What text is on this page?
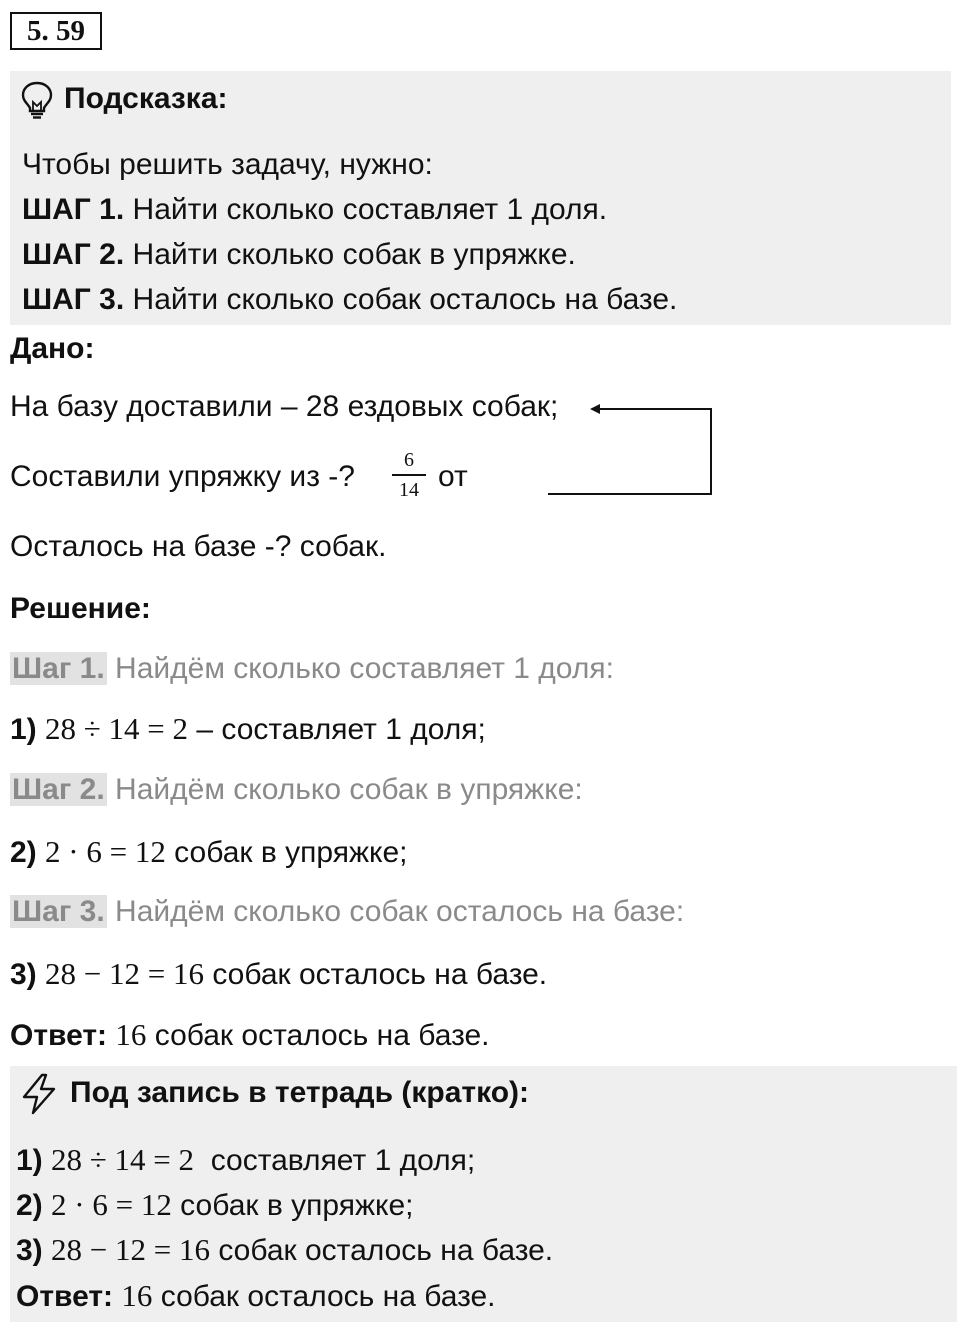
5. 59
Подсказка:
Чтобы решить задачу, нужно:
ШАГ 1. Найти сколько составляет 1 доля.
ШАГ 2. Найти сколько собак в упряжке.
ШАГ 3. Найти сколько собак осталось на базе.
Дано:
На базу доставили – 28 ездовых собак;
Составили упряжку из -?	6
14 от
Осталось на базе -? собак.
Решение:
Шаг 1. Найдём сколько составляет 1 доля:
1) 28 ÷ 14 = 2 – составляет 1 доля;
Шаг 2. Найдём сколько собак в упряжке:
2) 2 · 6 = 12 собак в упряжке;
Шаг 3. Найдём сколько собак осталось на базе:
3) 28 − 12 = 16 собак осталось на базе.
Ответ: 16 собак осталось на базе.
Под запись в тетрадь (кратко):
1) 28 ÷ 14 = 2  составляет 1 доля;
2) 2 · 6 = 12 собак в упряжке;
3) 28 − 12 = 16 собак осталось на базе.
Ответ: 16 собак осталось на базе.
